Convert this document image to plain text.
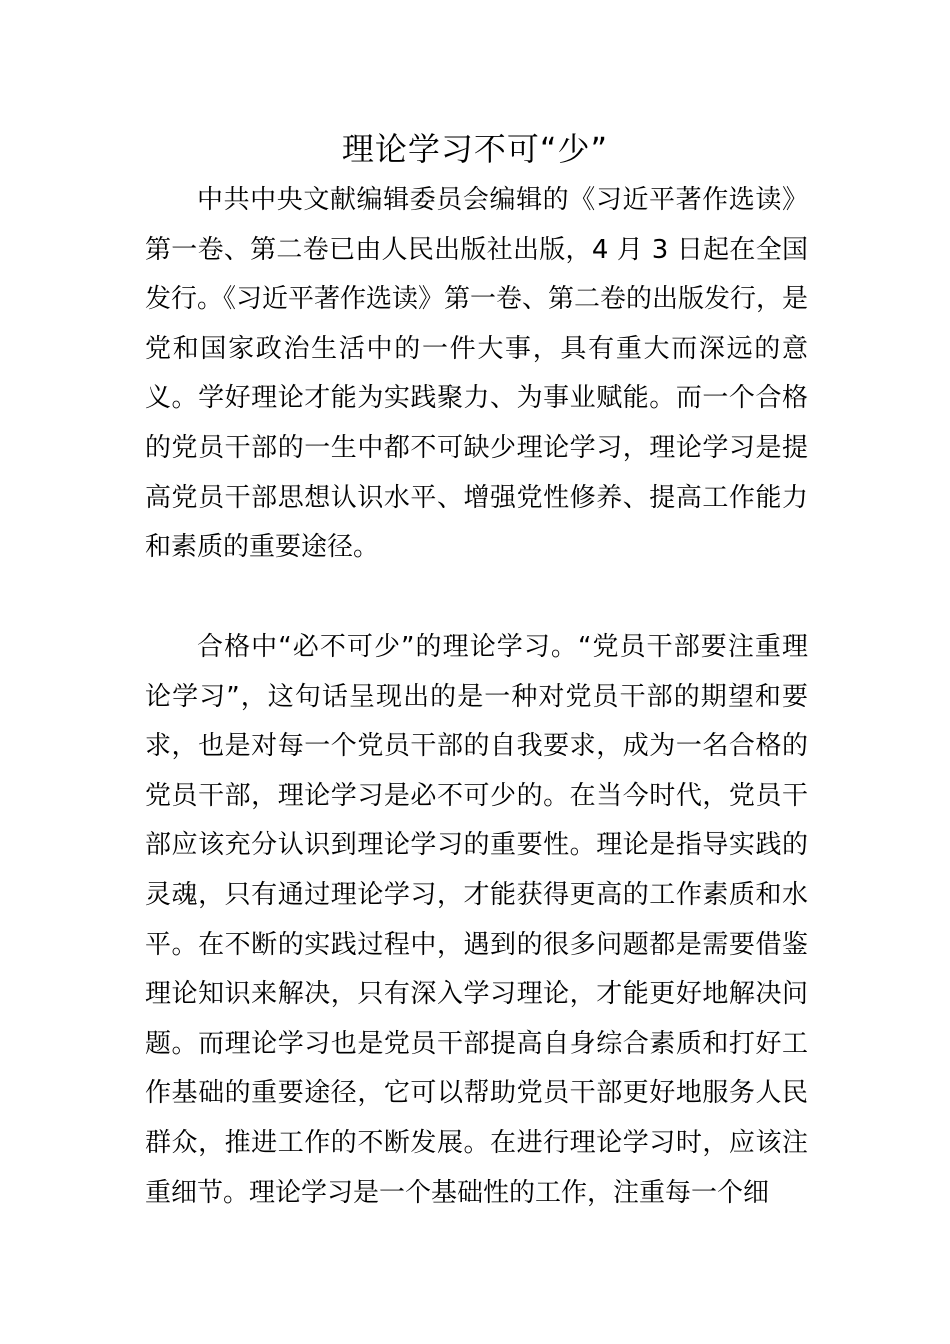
理论学习不可“少”

中共中央文献编辑委员会编辑的《习近平著作选读》第一卷、第二卷已由人民出版社出版，4 月 3 日起在全国发行。《习近平著作选读》第一卷、第二卷的出版发行，是党和国家政治生活中的一件大事，具有重大而深远的意义。学好理论才能为实践聚力、为事业赋能。而一个合格的党员干部的一生中都不可缺少理论学习，理论学习是提高党员干部思想认识水平、增强党性修养、提高工作能力和素质的重要途径。

合格中“必不可少”的理论学习。“党员干部要注重理论学习”，这句话呈现出的是一种对党员干部的期望和要求，也是对每一个党员干部的自我要求，成为一名合格的党员干部，理论学习是必不可少的。在当今时代，党员干部应该充分认识到理论学习的重要性。理论是指导实践的灵魂，只有通过理论学习，才能获得更高的工作素质和水平。在不断的实践过程中，遇到的很多问题都是需要借鉴理论知识来解决，只有深入学习理论，才能更好地解决问题。而理论学习也是党员干部提高自身综合素质和打好工作基础的重要途径，它可以帮助党员干部更好地服务人民群众，推进工作的不断发展。在进行理论学习时，应该注重细节。理论学习是一个基础性的工作，注重每一个细
